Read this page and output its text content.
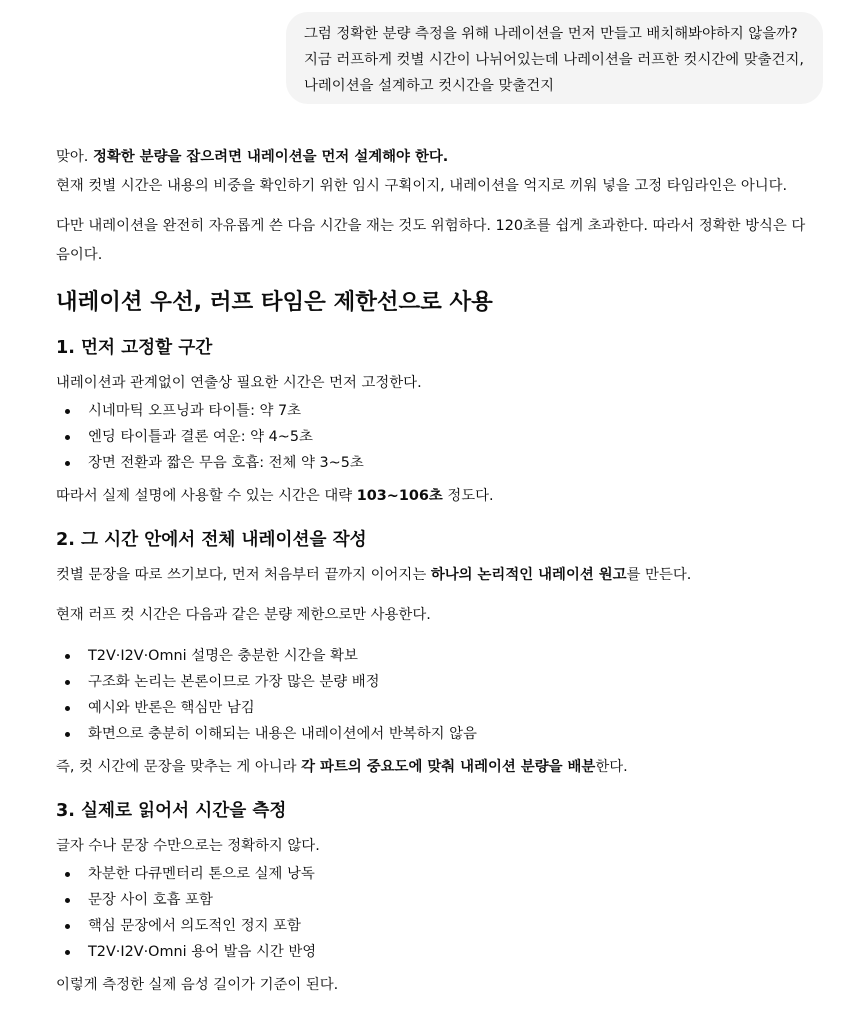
그럼 정확한 분량 측정을 위해 나레이션을 먼저 만들고 배치해봐야하지 않을까? 지금 러프하게 컷별 시간이 나뉘어있는데 나레이션을 러프한 컷시간에 맞출건지, 나레이션을 설계하고 컷시간을 맞출건지

맞아. 정확한 분량을 잡으려면 내레이션을 먼저 설계해야 한다.
현재 컷별 시간은 내용의 비중을 확인하기 위한 임시 구획이지, 내레이션을 억지로 끼워 넣을 고정 타임라인은 아니다.

다만 내레이션을 완전히 자유롭게 쓴 다음 시간을 재는 것도 위험하다. 120초를 쉽게 초과한다. 따라서 정확한 방식은 다음이다.

내레이션 우선, 러프 타임은 제한선으로 사용
1. 먼저 고정할 구간

내레이션과 관계없이 연출상 필요한 시간은 먼저 고정한다.

시네마틱 오프닝과 타이틀: 약 7초
엔딩 타이틀과 결론 여운: 약 4~5초
장면 전환과 짧은 무음 호흡: 전체 약 3~5초

따라서 실제 설명에 사용할 수 있는 시간은 대략 103~106초 정도다.

2. 그 시간 안에서 전체 내레이션을 작성

컷별 문장을 따로 쓰기보다, 먼저 처음부터 끝까지 이어지는 하나의 논리적인 내레이션 원고를 만든다.

현재 러프 컷 시간은 다음과 같은 분량 제한으로만 사용한다.

T2V·I2V·Omni 설명은 충분한 시간을 확보
구조화 논리는 본론이므로 가장 많은 분량 배정
예시와 반론은 핵심만 남김
화면으로 충분히 이해되는 내용은 내레이션에서 반복하지 않음

즉, 컷 시간에 문장을 맞추는 게 아니라 각 파트의 중요도에 맞춰 내레이션 분량을 배분한다.

3. 실제로 읽어서 시간을 측정

글자 수나 문장 수만으로는 정확하지 않다.

차분한 다큐멘터리 톤으로 실제 낭독
문장 사이 호흡 포함
핵심 문장에서 의도적인 정지 포함
T2V·I2V·Omni 용어 발음 시간 반영

이렇게 측정한 실제 음성 길이가 기준이 된다.
